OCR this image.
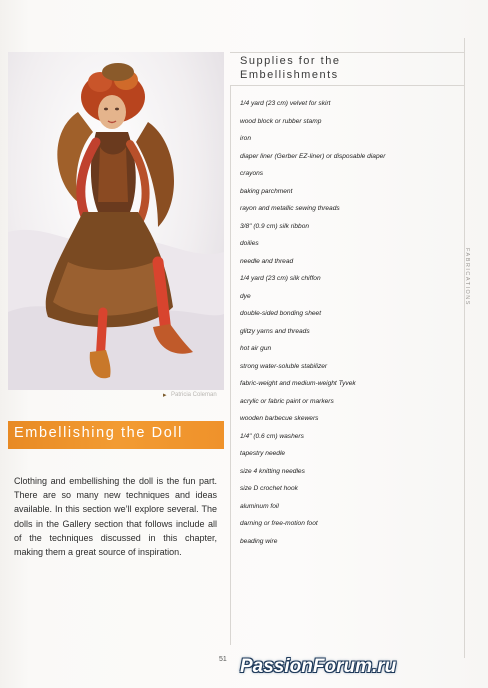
▸ Patricia Coleman
Embellishing the Doll

Clothing and embellishing the doll is the fun part. There are so many new techniques and ideas available. In this section we’ll explore several. The dolls in the Gallery section that follows include all of the techniques discussed in this chapter, making them a great source of inspiration.

Supplies for the
Embellishments
1/4 yard (23 cm) velvet for skirt
wood block or rubber stamp
iron
diaper liner (Gerber EZ-liner) or disposable diaper
crayons
baking parchment
rayon and metallic sewing threads
3/8" (0.9 cm) silk ribbon
doilies
needle and thread
1/4 yard (23 cm) silk chiffon
dye
double-sided bonding sheet
glitzy yarns and threads
hot air gun
strong water-soluble stabilizer
fabric-weight and medium-weight Tyvek
acrylic or fabric paint or markers
wooden barbecue skewers
1/4" (0.6 cm) washers
tapestry needle
size 4 knitting needles
size D crochet hook
aluminum foil
darning or free-motion foot
beading wire
FABRICATIONS
51 PassionForum.ru
